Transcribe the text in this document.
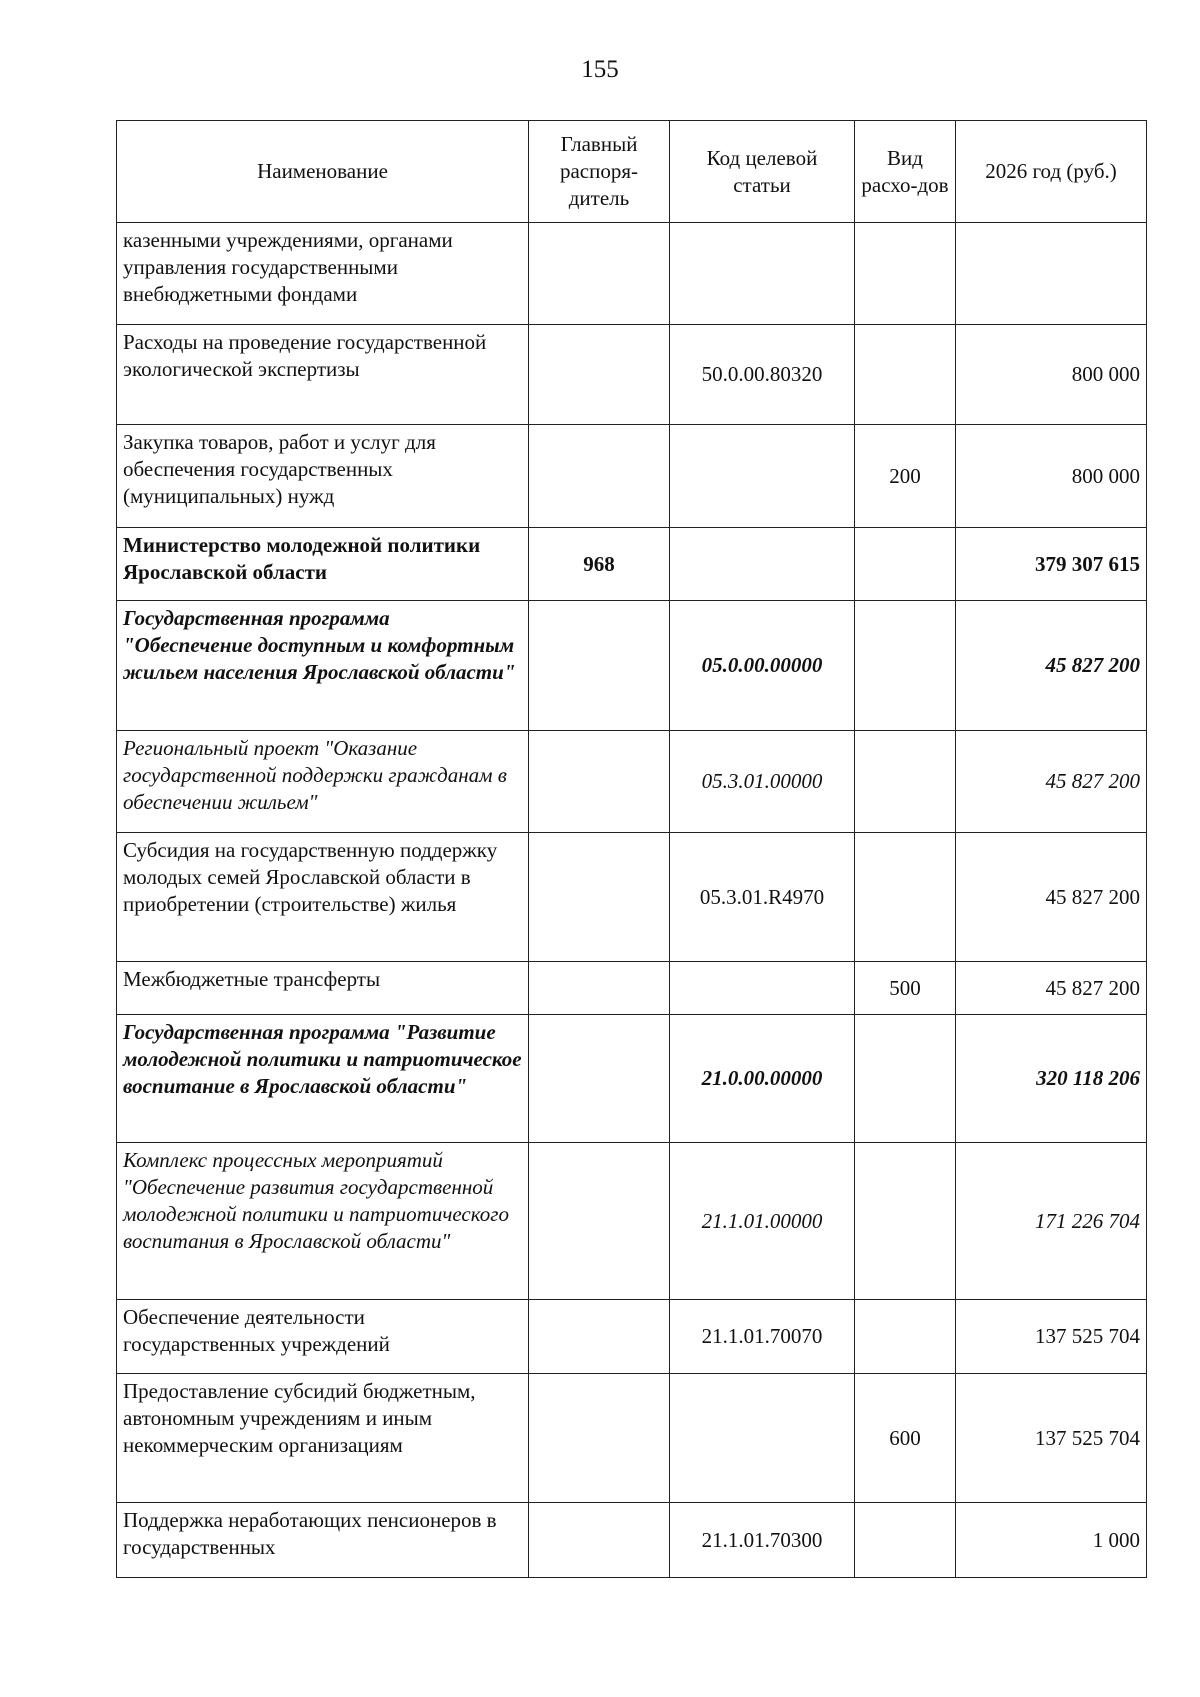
155
Наименование	Главный распоря-дитель	Код целевой статьи	Вид расхо-дов	2026 год (руб.)
казенными учреждениями, органами управления государственными внебюджетными фондами				
Расходы на проведение государственной экологической экспертизы		50.0.00.80320		800 000
Закупка товаров, работ и услуг для обеспечения государственных (муниципальных) нужд			200	800 000
Министерство молодежной политики Ярославской области	968			379 307 615
Государственная программа "Обеспечение доступным и комфортным жильем населения Ярославской области"		05.0.00.00000		45 827 200
Региональный проект "Оказание государственной поддержки гражданам в обеспечении жильем"		05.3.01.00000		45 827 200
Субсидия на государственную поддержку молодых семей Ярославской области в приобретении (строительстве) жилья		05.3.01.R4970		45 827 200
Межбюджетные трансферты			500	45 827 200
Государственная программа "Развитие молодежной политики и патриотическое воспитание в Ярославской области"		21.0.00.00000		320 118 206
Комплекс процессных мероприятий "Обеспечение развития государственной молодежной политики и патриотического воспитания в Ярославской области"		21.1.01.00000		171 226 704
Обеспечение деятельности государственных учреждений		21.1.01.70070		137 525 704
Предоставление субсидий бюджетным, автономным учреждениям и иным некоммерческим организациям			600	137 525 704
Поддержка неработающих пенсионеров в государственных		21.1.01.70300		1 000
